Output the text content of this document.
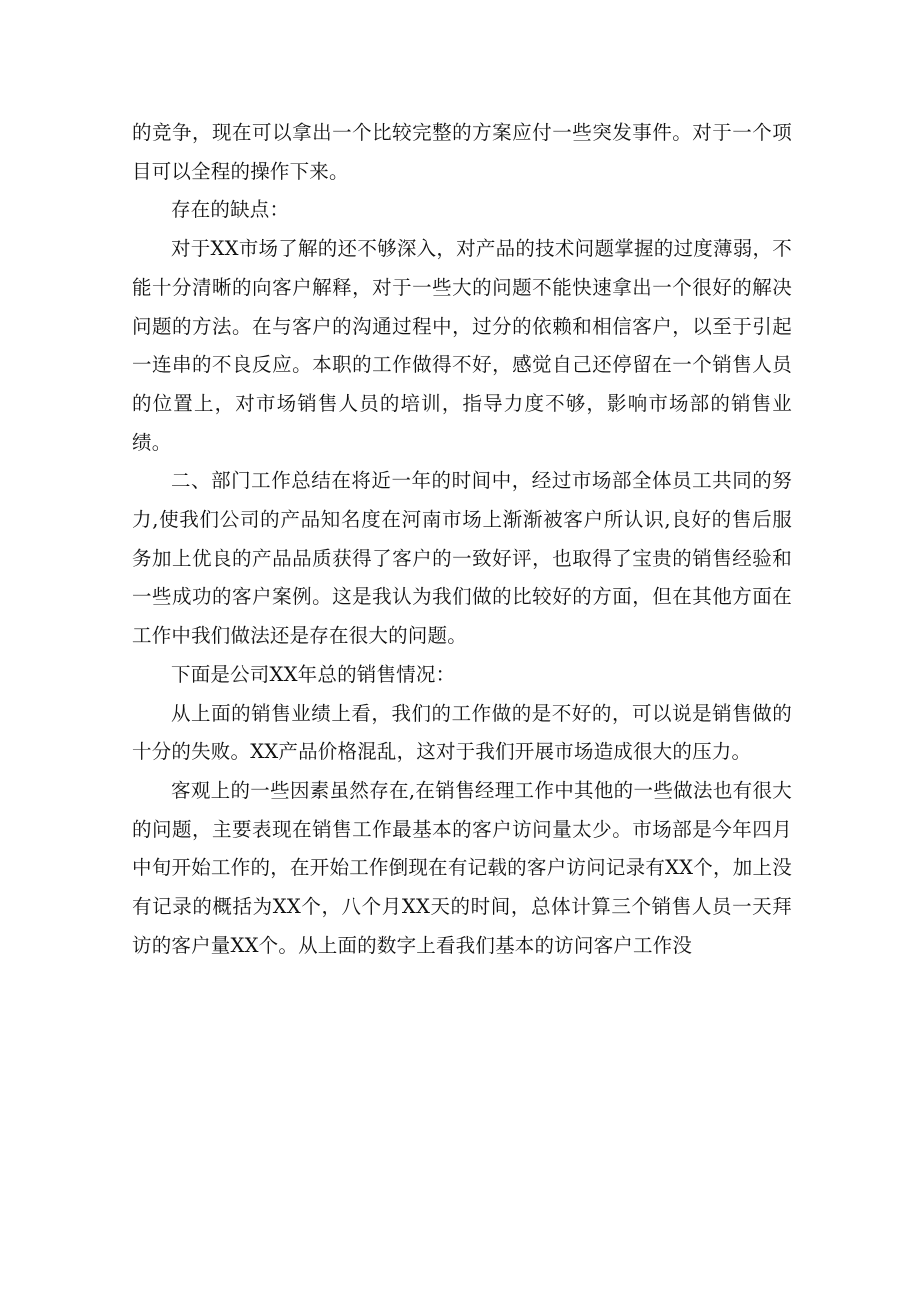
的竞争，现在可以拿出一个比较完整的方案应付一些突发事件。对于一个项目可以全程的操作下来。

存在的缺点：

对于XX市场了解的还不够深入，对产品的技术问题掌握的过度薄弱，不能十分清晰的向客户解释，对于一些大的问题不能快速拿出一个很好的解决问题的方法。在与客户的沟通过程中，过分的依赖和相信客户，以至于引起一连串的不良反应。本职的工作做得不好，感觉自己还停留在一个销售人员的位置上，对市场销售人员的培训，指导力度不够，影响市场部的销售业绩。

二、部门工作总结在将近一年的时间中，经过市场部全体员工共同的努力,使我们公司的产品知名度在河南市场上渐渐被客户所认识,良好的售后服务加上优良的产品品质获得了客户的一致好评，也取得了宝贵的销售经验和一些成功的客户案例。这是我认为我们做的比较好的方面，但在其他方面在工作中我们做法还是存在很大的问题。

下面是公司XX年总的销售情况：

从上面的销售业绩上看，我们的工作做的是不好的，可以说是销售做的十分的失败。XX产品价格混乱，这对于我们开展市场造成很大的压力。

客观上的一些因素虽然存在,在销售经理工作中其他的一些做法也有很大的问题，主要表现在销售工作最基本的客户访问量太少。市场部是今年四月中旬开始工作的，在开始工作倒现在有记载的客户访问记录有XX个，加上没有记录的概括为XX个，八个月XX天的时间，总体计算三个销售人员一天拜访的客户量XX个。从上面的数字上看我们基本的访问客户工作没
